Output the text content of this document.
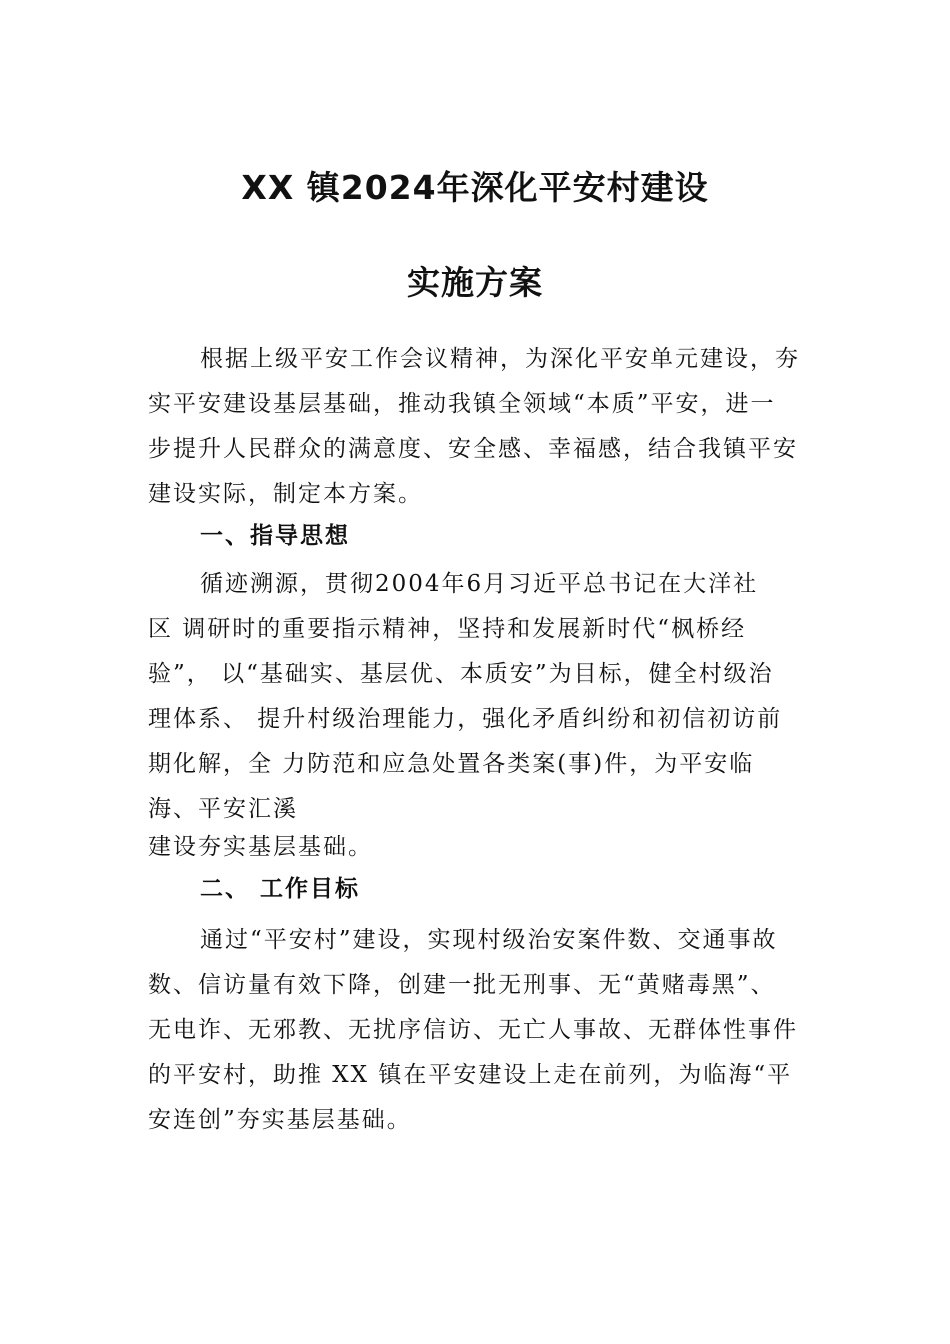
XX 镇2024年深化平安村建设
实施方案
根据上级平安工作会议精神，为深化平安单元建设，夯
实平安建设基层基础，推动我镇全领域“本质”平安，进一
步提升人民群众的满意度、安全感、幸福感，结合我镇平安
建设实际，制定本方案。
一、指导思想
循迹溯源，贯彻2004年6月习近平总书记在大洋社
区 调研时的重要指示精神，坚持和发展新时代“枫桥经
验”， 以“基础实、基层优、本质安”为目标，健全村级治
理体系、 提升村级治理能力，强化矛盾纠纷和初信初访前
期化解，全 力防范和应急处置各类案(事)件，为平安临
海、平安汇溪
建设夯实基层基础。
二、 工作目标
通过“平安村”建设，实现村级治安案件数、交通事故
数、信访量有效下降，创建一批无刑事、无“黄赌毒黑”、
无电诈、无邪教、无扰序信访、无亡人事故、无群体性事件
的平安村，助推 XX 镇在平安建设上走在前列，为临海“平
安连创”夯实基层基础。
